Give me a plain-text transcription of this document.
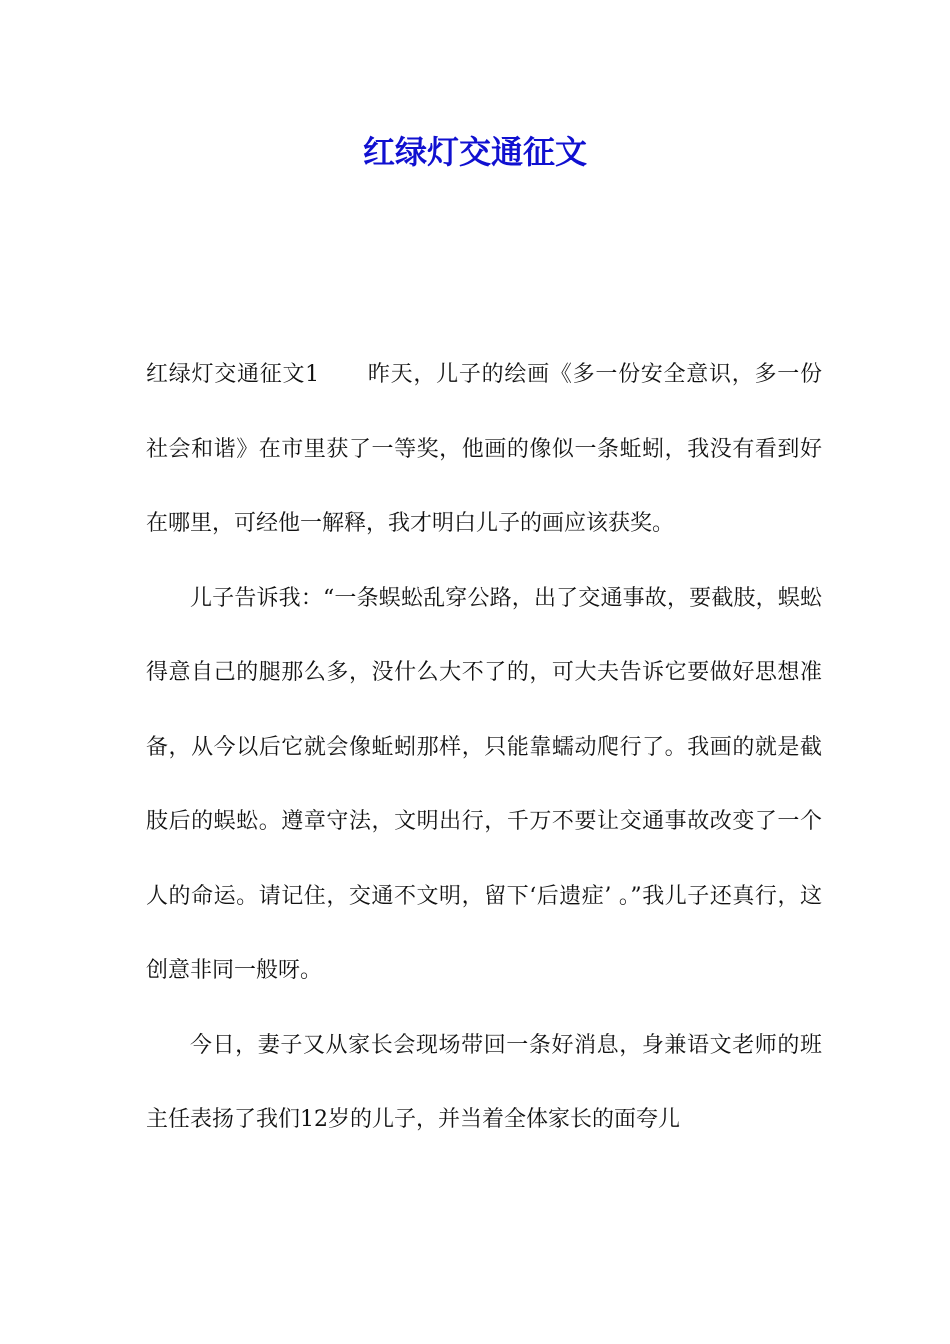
红绿灯交通征文

红绿灯交通征文1 昨天，儿子的绘画《多一份安全意识，多一份社会和谐》在市里获了一等奖，他画的像似一条蚯蚓，我没有看到好在哪里，可经他一解释，我才明白儿子的画应该获奖。

儿子告诉我：“一条蜈蚣乱穿公路，出了交通事故，要截肢，蜈蚣得意自己的腿那么多，没什么大不了的，可大夫告诉它要做好思想准备，从今以后它就会像蚯蚓那样，只能靠蠕动爬行了。我画的就是截肢后的蜈蚣。遵章守法，文明出行，千万不要让交通事故改变了一个人的命运。请记住，交通不文明，留下‘后遗症’ 。”我儿子还真行，这创意非同一般呀。

今日，妻子又从家长会现场带回一条好消息，身兼语文老师的班主任表扬了我们12岁的儿子，并当着全体家长的面夸儿
